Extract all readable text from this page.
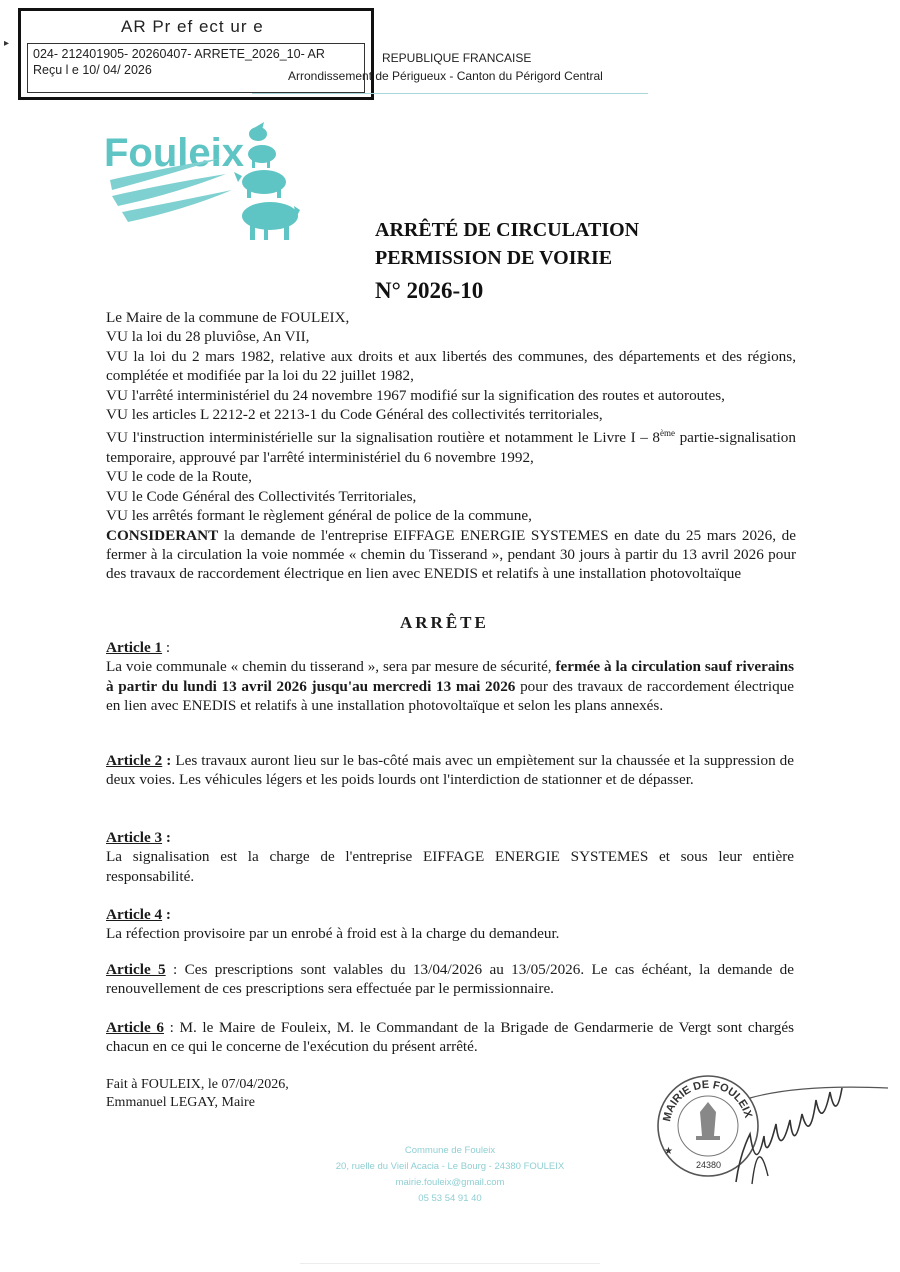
▸
AR Pr ef ect ur e
024- 212401905- 20260407- ARRETE_2026_10- AR
Reçu l e 10/ 04/ 2026
REPUBLIQUE FRANCAISE
Arrondissement de Périgueux - Canton du Périgord Central
Fouleix
ARRÊTÉ DE CIRCULATION
PERMISSION DE VOIRIE
N° 2026-10
Le Maire de la commune de FOULEIX,
VU la loi du 28 pluviôse, An VII,
VU la loi du 2 mars 1982, relative aux droits et aux libertés des communes, des départements et des régions, complétée et modifiée par la loi du 22 juillet 1982,
VU l'arrêté interministériel du 24 novembre 1967 modifié sur la signification des routes et autoroutes,
VU les articles L 2212-2 et 2213-1 du Code Général des collectivités territoriales,
VU l'instruction interministérielle sur la signalisation routière et notamment le Livre I – 8ème partie-signalisation temporaire, approuvé par l'arrêté interministériel du 6 novembre 1992,
VU le code de la Route,
VU le Code Général des Collectivités Territoriales,
VU les arrêtés formant le règlement général de police de la commune,
CONSIDERANT la demande de l'entreprise EIFFAGE ENERGIE SYSTEMES en date du 25 mars 2026, de fermer à la circulation la voie nommée « chemin du Tisserand », pendant 30 jours à partir du 13 avril 2026 pour des travaux de raccordement électrique en lien avec ENEDIS et relatifs à une installation photovoltaïque
ARRÊTE
Article 1 :
La voie communale « chemin du tisserand », sera par mesure de sécurité, fermée à la circulation sauf riverains à partir du lundi 13 avril 2026 jusqu'au mercredi 13 mai 2026 pour des travaux de raccordement électrique en lien avec ENEDIS et relatifs à une installation photovoltaïque et selon les plans annexés.
Article 2 : Les travaux auront lieu sur le bas-côté mais avec un empiètement sur la chaussée et la suppression de deux voies. Les véhicules légers et les poids lourds ont l'interdiction de stationner et de dépasser.
Article 3 :
La signalisation est la charge de l'entreprise EIFFAGE ENERGIE SYSTEMES et sous leur entière responsabilité.
Article 4 :
La réfection provisoire par un enrobé à froid est à la charge du demandeur.
Article 5 : Ces prescriptions sont valables du 13/04/2026 au 13/05/2026. Le cas échéant, la demande de renouvellement de ces prescriptions sera effectuée par le permissionnaire.
Article 6 : M. le Maire de Fouleix, M. le Commandant de la Brigade de Gendarmerie de Vergt sont chargés chacun en ce qui le concerne de l'exécution du présent arrêté.
Fait à FOULEIX, le 07/04/2026,
Emmanuel LEGAY, Maire
Commune de Fouleix
20, ruelle du Vieil Acacia - Le Bourg - 24380 FOULEIX
mairie.fouleix@gmail.com
05 53 54 91 40
MAIRIE DE FOULEIX
★
24380
